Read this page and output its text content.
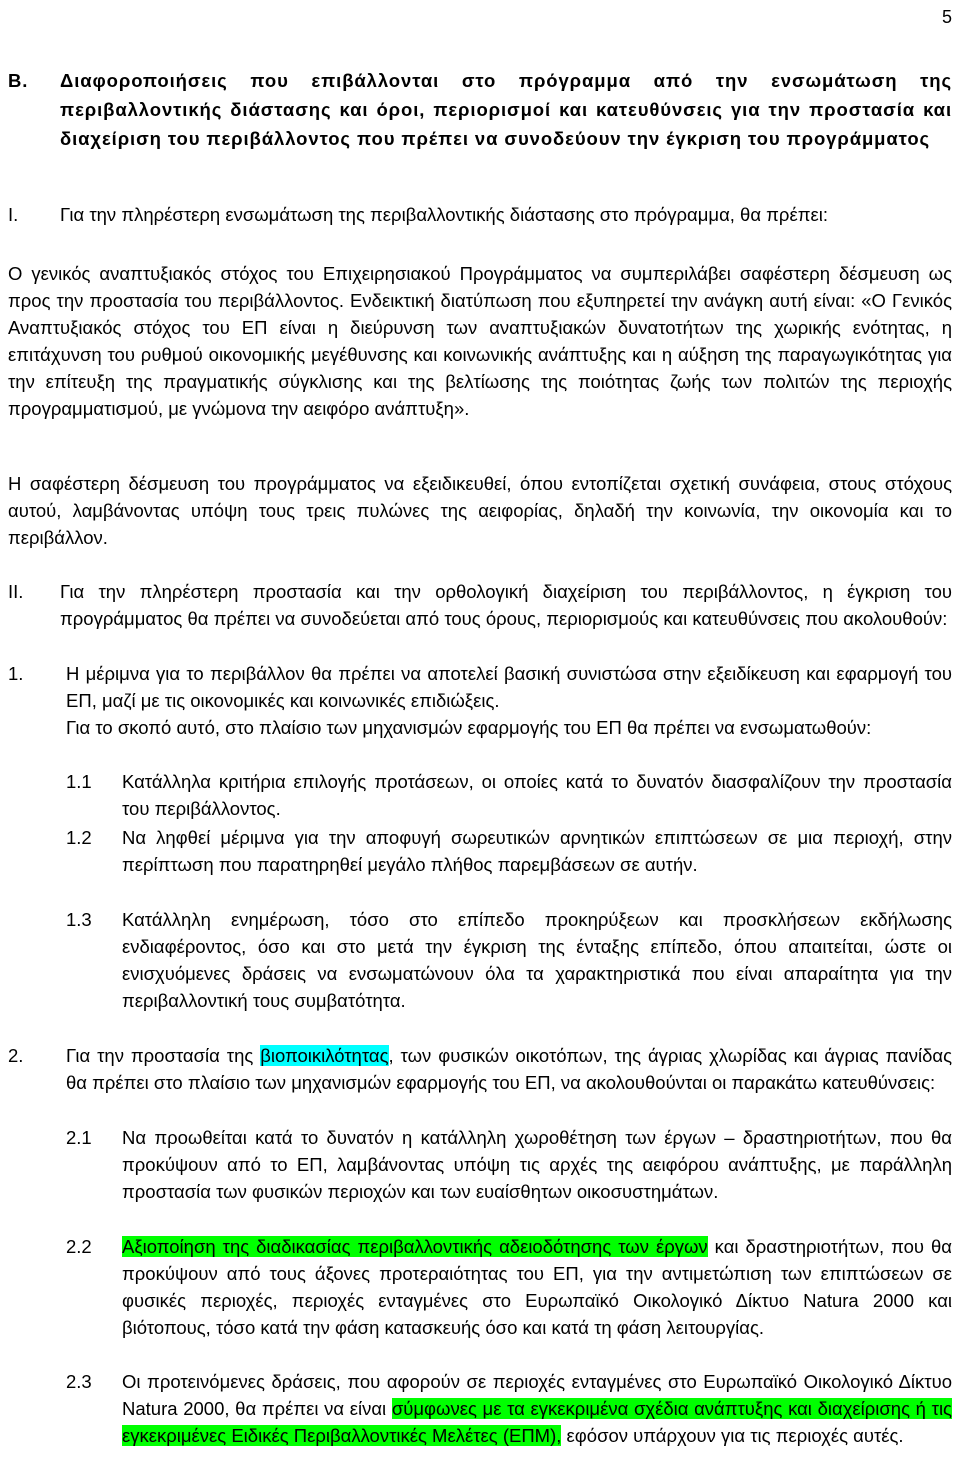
5
Β.	Διαφοροποιήσεις που επιβάλλονται στο πρόγραμμα από την ενσωμάτωση της περιβαλλοντικής διάστασης και όροι, περιορισμοί και κατευθύνσεις για την προστασία και διαχείριση του περιβάλλοντος που πρέπει να συνοδεύουν την έγκριση του προγράμματος
I.	Για την πληρέστερη ενσωμάτωση της περιβαλλοντικής διάστασης στο πρόγραμμα, θα πρέπει:

Ο γενικός αναπτυξιακός στόχος του Επιχειρησιακού Προγράμματος να συμπεριλάβει σαφέστερη δέσμευση ως προς την προστασία του περιβάλλοντος. Ενδεικτική διατύπωση που εξυπηρετεί την ανάγκη αυτή είναι: «Ο Γενικός Αναπτυξιακός στόχος του ΕΠ είναι η διεύρυνση των αναπτυξιακών δυνατοτήτων της χωρικής ενότητας, η επιτάχυνση του ρυθμού οικονομικής μεγέθυνσης και κοινωνικής ανάπτυξης και η αύξηση της παραγωγικότητας για την επίτευξη της πραγματικής σύγκλισης και της βελτίωσης της ποιότητας ζωής των πολιτών της περιοχής προγραμματισμού, με γνώμονα την αειφόρο ανάπτυξη».

Η σαφέστερη δέσμευση του προγράμματος να εξειδικευθεί, όπου εντοπίζεται σχετική συνάφεια, στους στόχους αυτού, λαμβάνοντας υπόψη τους τρεις πυλώνες της αειφορίας, δηλαδή την κοινωνία, την οικονομία και το περιβάλλον.

II.	Για την πληρέστερη προστασία και την ορθολογική διαχείριση του περιβάλλοντος, η έγκριση του προγράμματος θα πρέπει να συνοδεύεται από τους όρους, περιορισμούς και κατευθύνσεις που ακολουθούν:
1.	Η μέριμνα για το περιβάλλον θα πρέπει να αποτελεί βασική συνιστώσα στην εξειδίκευση και εφαρμογή του ΕΠ, μαζί με τις οικονομικές και κοινωνικές επιδιώξεις.

Για το σκοπό αυτό, στο πλαίσιο των μηχανισμών εφαρμογής του ΕΠ θα πρέπει να ενσωματωθούν:

1.1	Κατάλληλα κριτήρια επιλογής προτάσεων, οι οποίες κατά το δυνατόν διασφαλίζουν την προστασία του περιβάλλοντος.
1.2	Να ληφθεί μέριμνα για την αποφυγή σωρευτικών αρνητικών επιπτώσεων σε μια περιοχή, στην περίπτωση που παρατηρηθεί μεγάλο πλήθος παρεμβάσεων σε αυτήν.
1.3	Κατάλληλη ενημέρωση, τόσο στο επίπεδο προκηρύξεων και προσκλήσεων εκδήλωσης ενδιαφέροντος, όσο και στο μετά την έγκριση της ένταξης επίπεδο, όπου απαιτείται, ώστε οι ενισχυόμενες δράσεις να ενσωματώνουν όλα τα χαρακτηριστικά που είναι απαραίτητα για την περιβαλλοντική τους συμβατότητα.
2.	Για την προστασία της βιοποικιλότητας, των φυσικών οικοτόπων, της άγριας χλωρίδας και άγριας πανίδας θα πρέπει στο πλαίσιο των μηχανισμών εφαρμογής του ΕΠ, να ακολουθούνται οι παρακάτω κατευθύνσεις:

2.1	Να προωθείται κατά το δυνατόν η κατάλληλη χωροθέτηση των έργων – δραστηριοτήτων, που θα προκύψουν από το ΕΠ, λαμβάνοντας υπόψη τις αρχές της αειφόρου ανάπτυξης, με παράλληλη προστασία των φυσικών περιοχών και των ευαίσθητων οικοσυστημάτων.
2.2	Αξιοποίηση της διαδικασίας περιβαλλοντικής αδειοδότησης των έργων και δραστηριοτήτων, που θα προκύψουν από τους άξονες προτεραιότητας του ΕΠ, για την αντιμετώπιση των επιπτώσεων σε φυσικές περιοχές, περιοχές ενταγμένες στο Ευρωπαϊκό Οικολογικό Δίκτυο Natura 2000 και βιότοπους, τόσο κατά την φάση κατασκευής όσο και κατά τη φάση λειτουργίας.

2.3	Οι προτεινόμενες δράσεις, που αφορούν σε περιοχές ενταγμένες στο Ευρωπαϊκό Οικολογικό Δίκτυο Natura 2000, θα πρέπει να είναι σύμφωνες με τα εγκεκριμένα σχέδια ανάπτυξης και διαχείρισης ή τις εγκεκριμένες Ειδικές Περιβαλλοντικές Μελέτες (ΕΠΜ), εφόσον υπάρχουν για τις περιοχές αυτές.
